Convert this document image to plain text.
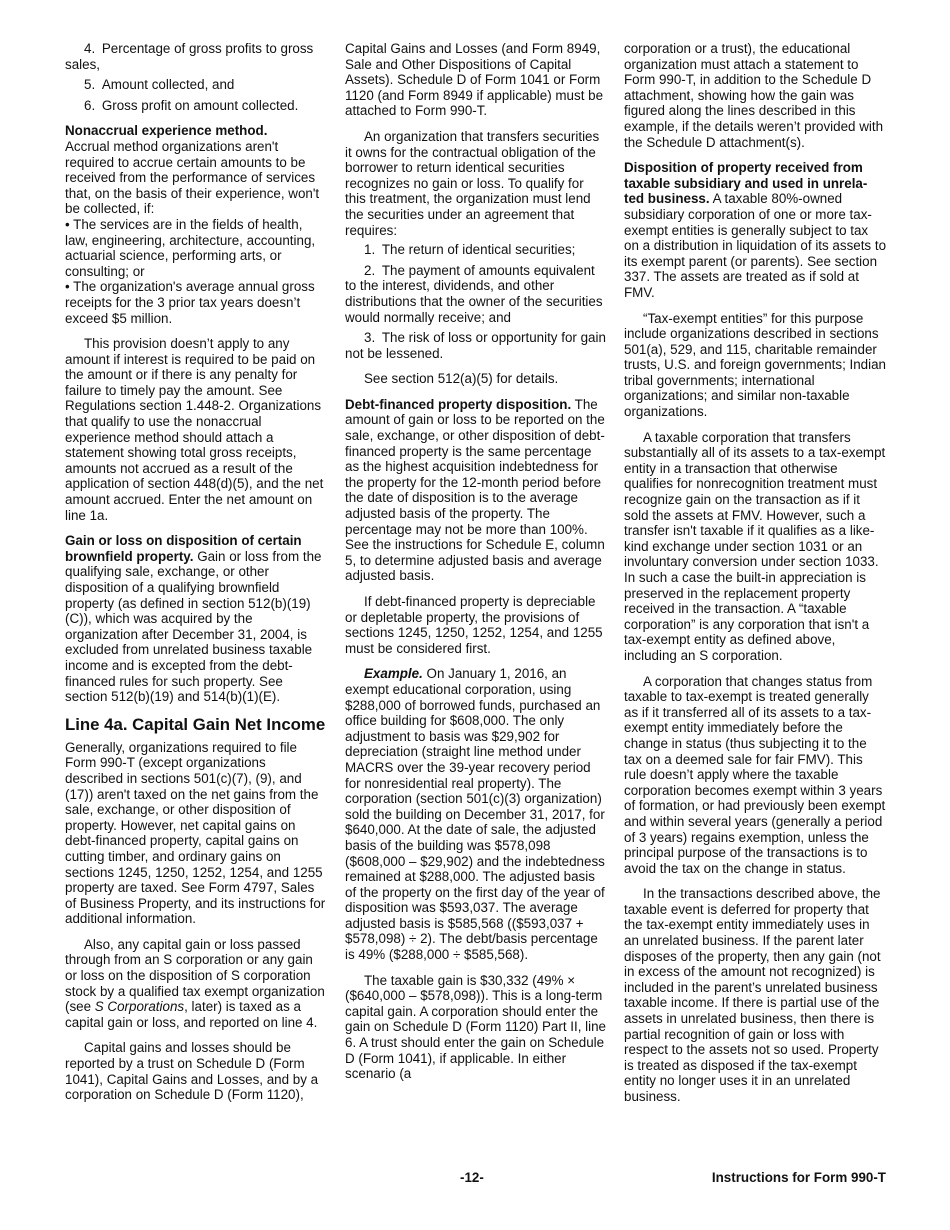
4. Percentage of gross profits to gross sales,

5. Amount collected, and

6. Gross profit on amount collected.

Nonaccrual experience method.
Accrual method organizations aren't required to accrue certain amounts to be received from the performance of services that, on the basis of their experience, won't be collected, if:

• The services are in the fields of health, law, engineering, architecture, accounting, actuarial science, performing arts, or consulting; or

• The organization's average annual gross receipts for the 3 prior tax years doesn’t exceed $5 million.

This provision doesn’t apply to any amount if interest is required to be paid on the amount or if there is any penalty for failure to timely pay the amount. See Regulations section 1.448-2. Organizations that qualify to use the nonaccrual experience method should attach a statement showing total gross receipts, amounts not accrued as a result of the application of section 448(d)(5), and the net amount accrued. Enter the net amount on line 1a.

Gain or loss on disposition of certain brownfield property. Gain or loss from the qualifying sale, exchange, or other disposition of a qualifying brownfield property (as defined in section 512(b)(19)(C)), which was acquired by the organization after December 31, 2004, is excluded from unrelated business taxable income and is excepted from the debt-financed rules for such property. See section 512(b)(19) and 514(b)(1)(E).

Line 4a. Capital Gain Net Income

Generally, organizations required to file Form 990-T (except organizations described in sections 501(c)(7), (9), and (17)) aren't taxed on the net gains from the sale, exchange, or other disposition of property. However, net capital gains on debt-financed property, capital gains on cutting timber, and ordinary gains on sections 1245, 1250, 1252, 1254, and 1255 property are taxed. See Form 4797, Sales of Business Property, and its instructions for additional information.

Also, any capital gain or loss passed through from an S corporation or any gain or loss on the disposition of S corporation stock by a qualified tax exempt organization (see S Corporations, later) is taxed as a capital gain or loss, and reported on line 4.

Capital gains and losses should be reported by a trust on Schedule D (Form 1041), Capital Gains and Losses, and by a corporation on Schedule D (Form 1120),

Capital Gains and Losses (and Form 8949, Sale and Other Dispositions of Capital Assets). Schedule D of Form 1041 or Form 1120 (and Form 8949 if applicable) must be attached to Form 990-T.

An organization that transfers securities it owns for the contractual obligation of the borrower to return identical securities recognizes no gain or loss. To qualify for this treatment, the organization must lend the securities under an agreement that requires:

1. The return of identical securities;

2. The payment of amounts equivalent to the interest, dividends, and other distributions that the owner of the securities would normally receive; and

3. The risk of loss or opportunity for gain not be lessened.

See section 512(a)(5) for details.

Debt-financed property disposition. The amount of gain or loss to be reported on the sale, exchange, or other disposition of debt-financed property is the same percentage as the highest acquisition indebtedness for the property for the 12-month period before the date of disposition is to the average adjusted basis of the property. The percentage may not be more than 100%. See the instructions for Schedule E, column 5, to determine adjusted basis and average adjusted basis.

If debt-financed property is depreciable or depletable property, the provisions of sections 1245, 1250, 1252, 1254, and 1255 must be considered first.

Example. On January 1, 2016, an exempt educational corporation, using $288,000 of borrowed funds, purchased an office building for $608,000. The only adjustment to basis was $29,902 for depreciation (straight line method under MACRS over the 39-year recovery period for nonresidential real property). The corporation (section 501(c)(3) organization) sold the building on December 31, 2017, for $640,000. At the date of sale, the adjusted basis of the building was $578,098 ($608,000 – $29,902) and the indebtedness remained at $288,000. The adjusted basis of the property on the first day of the year of disposition was $593,037. The average adjusted basis is $585,568 (($593,037 + $578,098) ÷ 2). The debt/basis percentage is 49% ($288,000 ÷ $585,568).

The taxable gain is $30,332 (49% × ($640,000 – $578,098)). This is a long-term capital gain. A corporation should enter the gain on Schedule D (Form 1120) Part II, line 6. A trust should enter the gain on Schedule D (Form 1041), if applicable. In either scenario (a

corporation or a trust), the educational organization must attach a statement to Form 990-T, in addition to the Schedule D attachment, showing how the gain was figured along the lines described in this example, if the details weren’t provided with the Schedule D attachment(s).

Disposition of property received from taxable subsidiary and used in unrela-ted business. A taxable 80%-owned subsidiary corporation of one or more tax-exempt entities is generally subject to tax on a distribution in liquidation of its assets to its exempt parent (or parents). See section 337. The assets are treated as if sold at FMV.

“Tax-exempt entities” for this purpose include organizations described in sections 501(a), 529, and 115, charitable remainder trusts, U.S. and foreign governments; Indian tribal governments; international organizations; and similar non-taxable organizations.

A taxable corporation that transfers substantially all of its assets to a tax-exempt entity in a transaction that otherwise qualifies for nonrecognition treatment must recognize gain on the transaction as if it sold the assets at FMV. However, such a transfer isn't taxable if it qualifies as a like-kind exchange under section 1031 or an involuntary conversion under section 1033. In such a case the built-in appreciation is preserved in the replacement property received in the transaction. A “taxable corporation” is any corporation that isn't a tax-exempt entity as defined above, including an S corporation.

A corporation that changes status from taxable to tax-exempt is treated generally as if it transferred all of its assets to a tax-exempt entity immediately before the change in status (thus subjecting it to the tax on a deemed sale for fair FMV). This rule doesn’t apply where the taxable corporation becomes exempt within 3 years of formation, or had previously been exempt and within several years (generally a period of 3 years) regains exemption, unless the principal purpose of the transactions is to avoid the tax on the change in status.

In the transactions described above, the taxable event is deferred for property that the tax-exempt entity immediately uses in an unrelated business. If the parent later disposes of the property, then any gain (not in excess of the amount not recognized) is included in the parent’s unrelated business taxable income. If there is partial use of the assets in unrelated business, then there is partial recognition of gain or loss with respect to the assets not so used. Property is treated as disposed if the tax-exempt entity no longer uses it in an unrelated business.

-12-	Instructions for Form 990-T
